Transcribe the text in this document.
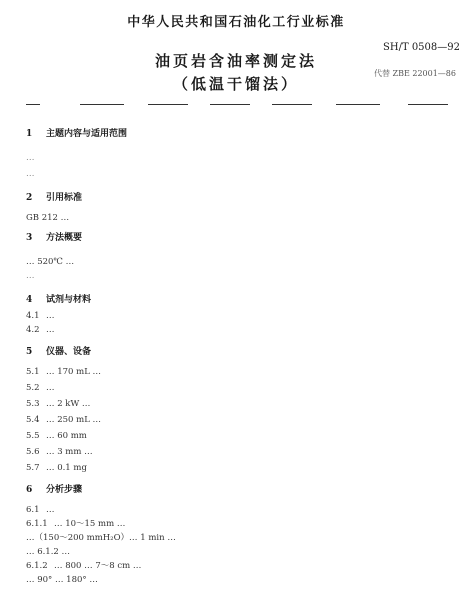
中华人民共和国石油化工行业标准
SH/T 0508—92
油页岩含油率测定法
（低温干馏法）
代替 ZBE 22001—86
1 主题内容与适用范围
…
…
2 引用标准
GB 212 …
3 方法概要
… 520℃ …
…
4 试剂与材料
4.1 …
4.2 …
5 仪器、设备
5.1 … 170 mL …
5.2 …
5.3 … 2 kW …
5.4 … 250 mL …
5.5 … 60 mm
5.6 … 3 mm …
5.7 … 0.1 mg
6 分析步骤
6.1 …
6.1.1 … 10～15 mm …
…（150～200 mmH₂O）… 1 min …
… 6.1.2 …
6.1.2 … 800 … 7～8 cm …
… 90° … 180° …
